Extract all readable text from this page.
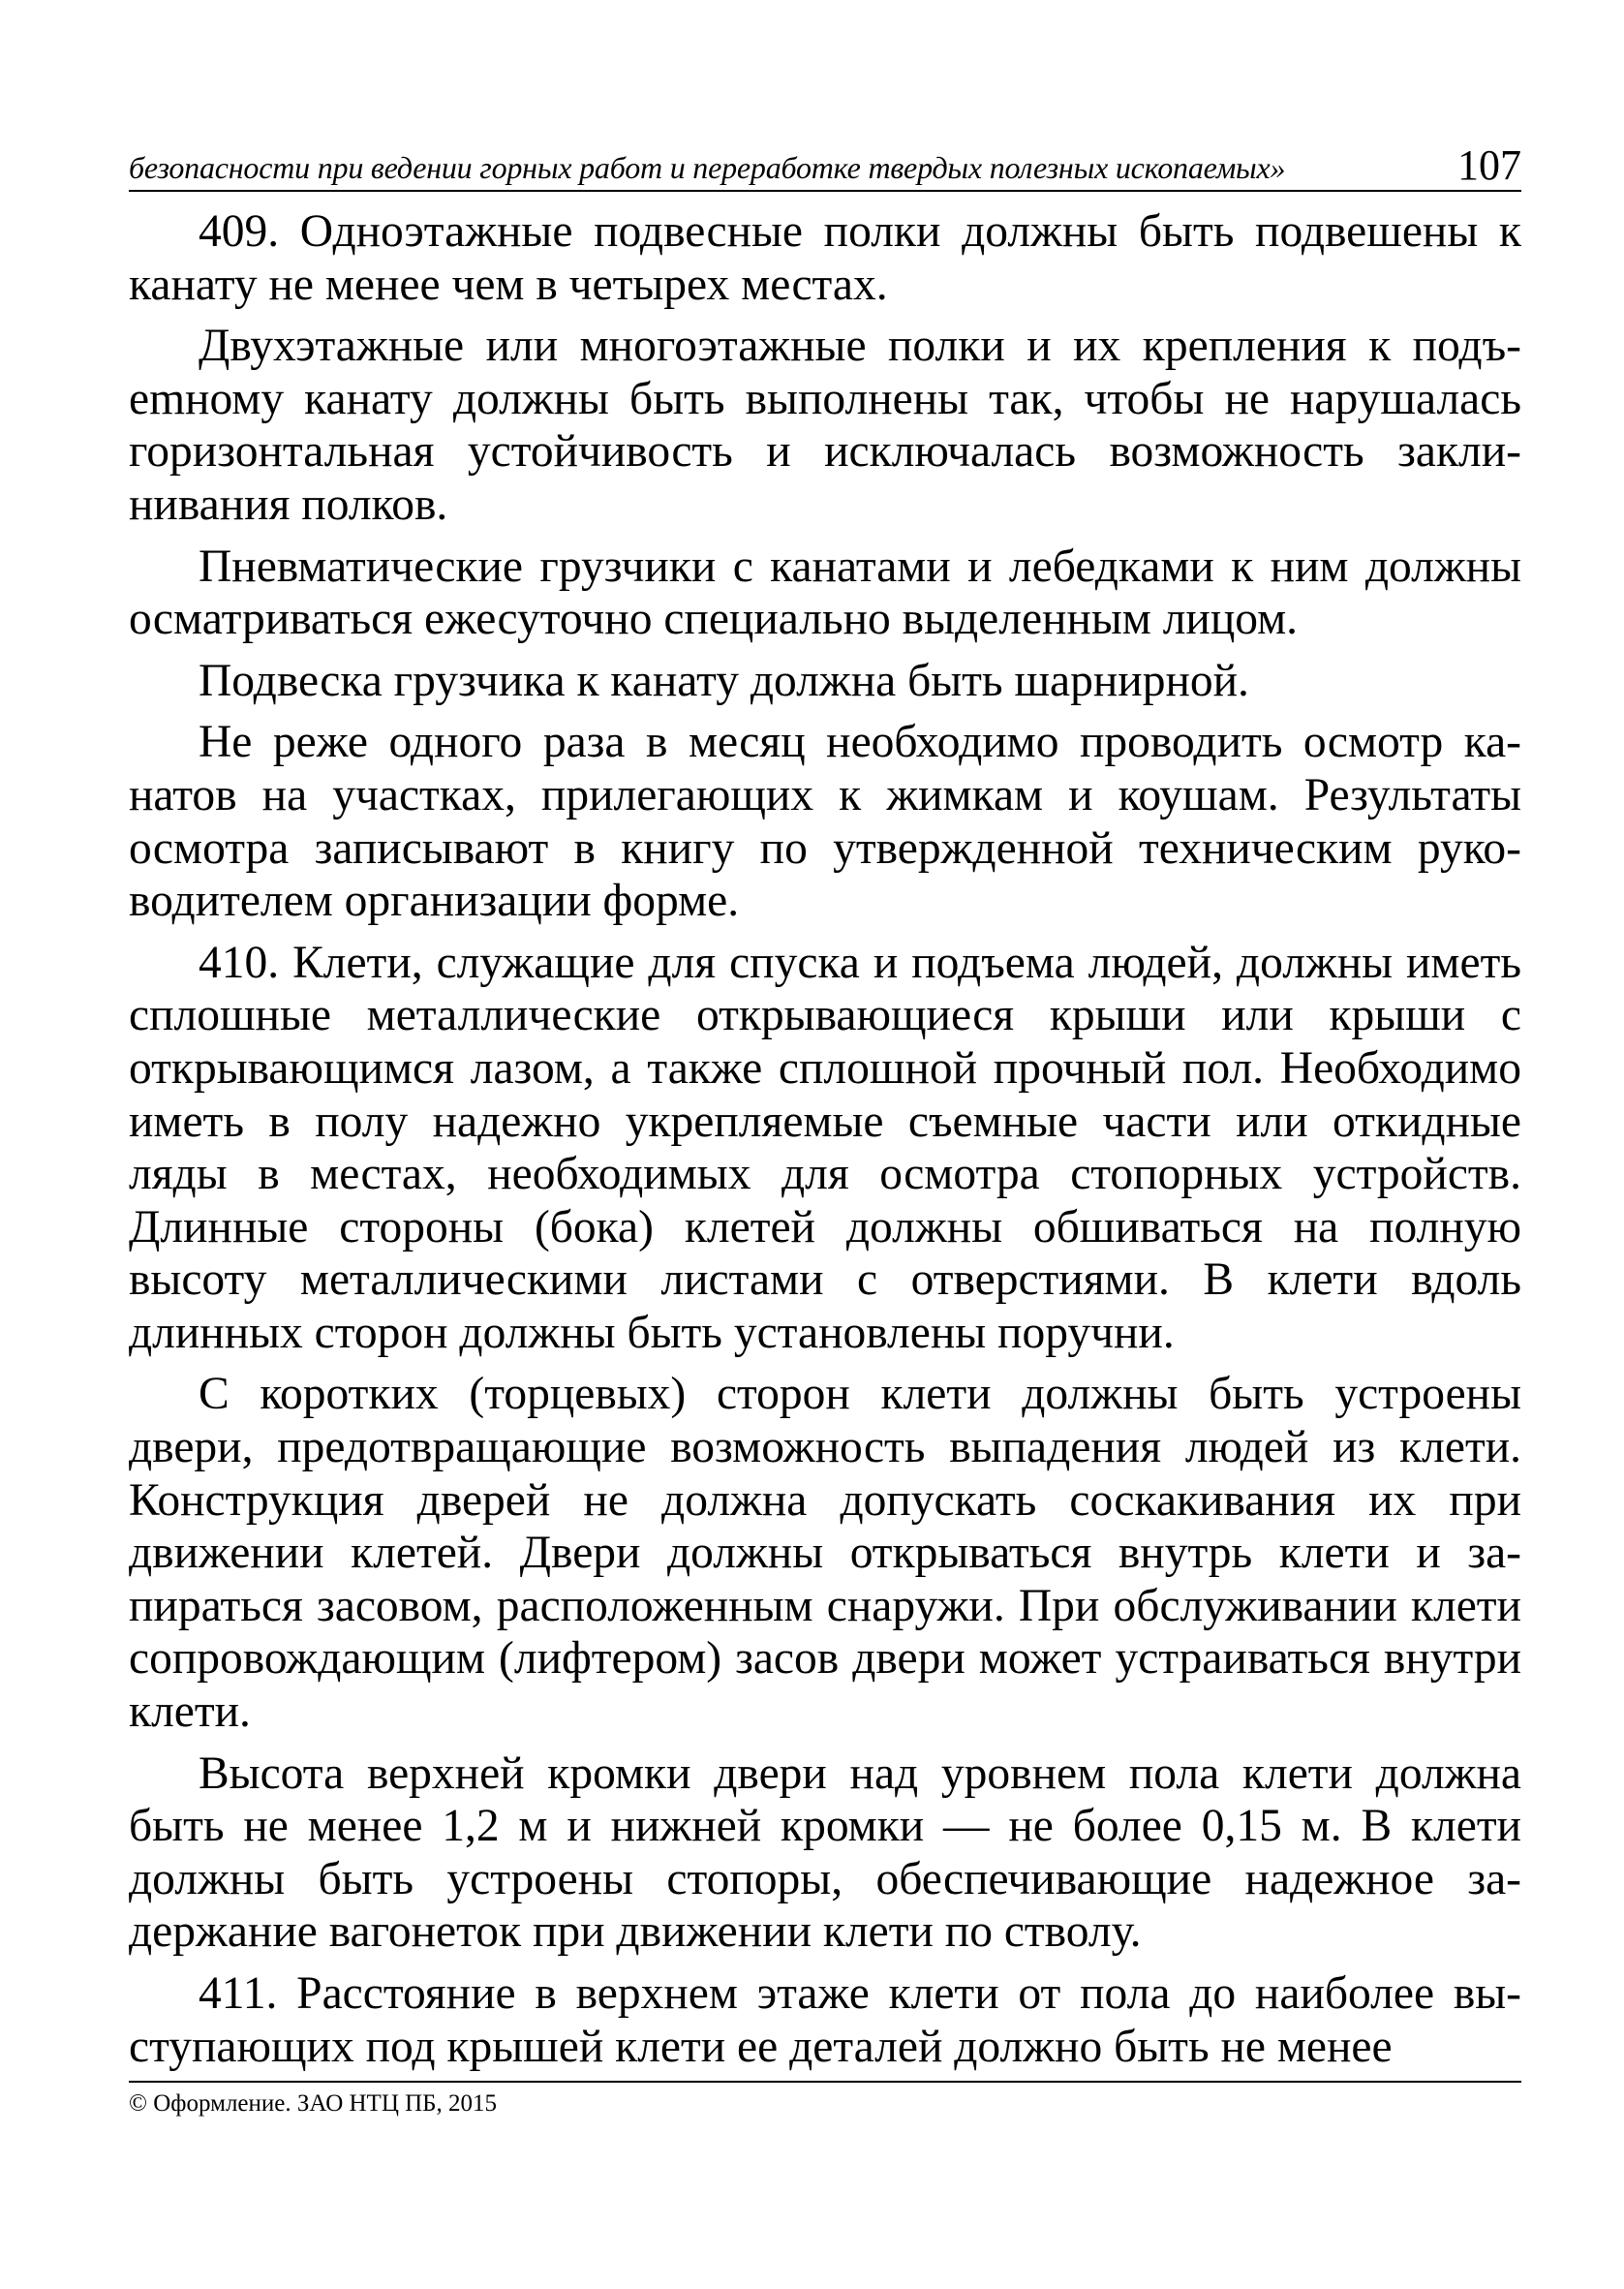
безопасности при ведении горных работ и переработке твердых полезных ископаемых»	107

409. Одноэтажные подвесные полки должны быть подвешены к канату не менее чем в четырех местах.

Двухэтажные или многоэтажные полки и их крепления к подъemному канату должны быть выполнены так, чтобы не нарушалась горизонтальная устойчивость и исключалась возможность заклинивания полков.

Пневматические грузчики с канатами и лебедками к ним должны осматриваться ежесуточно специально выделенным лицом.

Подвеска грузчика к канату должна быть шарнирной.

Не реже одного раза в месяц необходимо проводить осмотр канатов на участках, прилегающих к жимкам и коушам. Результаты осмотра записывают в книгу по утвержденной техническим руководителем организации форме.

410. Клети, служащие для спуска и подъема людей, должны иметь сплошные металлические открывающиеся крыши или крыши с открывающимся лазом, а также сплошной прочный пол. Необходимо иметь в полу надежно укрепляемые съемные части или откидные ляды в местах, необходимых для осмотра стопорных устройств. Длинные стороны (бока) клетей должны обшиваться на полную высоту металлическими листами с отверстиями. В клети вдоль длинных сторон должны быть установлены поручни.

С коротких (торцевых) сторон клети должны быть устроены двери, предотвращающие возможность выпадения людей из клети. Конструкция дверей не должна допускать соскакивания их при движении клетей. Двери должны открываться внутрь клети и запираться засовом, расположенным снаружи. При обслуживании клети сопровождающим (лифтером) засов двери может устраиваться внутри клети.

Высота верхней кромки двери над уровнем пола клети должна быть не менее 1,2 м и нижней кромки — не более 0,15 м. В клети должны быть устроены стопоры, обеспечивающие надежное задержание вагонеток при движении клети по стволу.

411. Расстояние в верхнем этаже клети от пола до наиболее выступающих под крышей клети ее деталей должно быть не менее

© Оформление. ЗАО НТЦ ПБ, 2015
